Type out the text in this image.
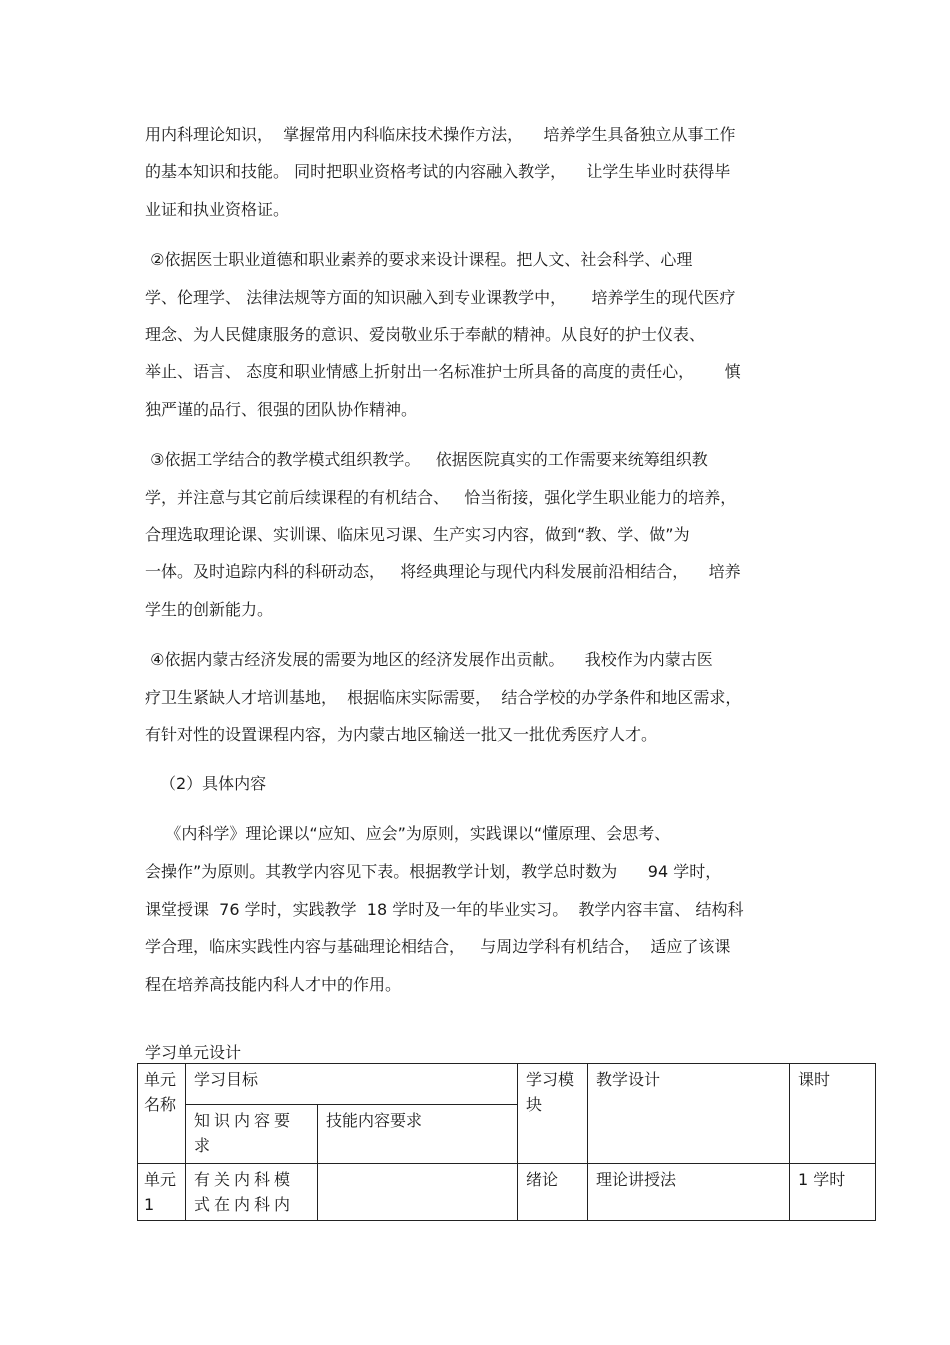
用内科理论知识，  掌握常用内科临床技术操作方法，    培养学生具备独立从事工作
的基本知识和技能。 同时把职业资格考试的内容融入教学，    让学生毕业时获得毕
业证和执业资格证。
②依据医士职业道德和职业素养的要求来设计课程。把人文、社会科学、心理
学、伦理学、 法律法规等方面的知识融入到专业课教学中，     培养学生的现代医疗
理念、为人民健康服务的意识、爱岗敬业乐于奉献的精神。从良好的护士仪表、
举止、语言、 态度和职业情感上折射出一名标准护士所具备的高度的责任心，      慎
独严谨的品行、很强的团队协作精神。
③依据工学结合的教学模式组织教学。   依据医院真实的工作需要来统筹组织教
学，并注意与其它前后续课程的有机结合、   恰当衔接，强化学生职业能力的培养，
合理选取理论课、实训课、临床见习课、生产实习内容，做到“教、学、做”为
一体。及时追踪内科的科研动态，   将经典理论与现代内科发展前沿相结合，    培养
学生的创新能力。
④依据内蒙古经济发展的需要为地区的经济发展作出贡献。    我校作为内蒙古医
疗卫生紧缺人才培训基地，  根据临床实际需要，  结合学校的办学条件和地区需求，
有针对性的设置课程内容，为内蒙古地区输送一批又一批优秀医疗人才。
（2）具体内容
《内科学》理论课以“应知、应会”为原则，实践课以“懂原理、会思考、
会操作”为原则。其教学内容见下表。根据教学计划，教学总时数为      94 学时，
课堂授课  76 学时，实践教学  18 学时及一年的毕业实习。  教学内容丰富、 结构科
学合理，临床实践性内容与基础理论相结合，   与周边学科有机结合，  适应了该课
程在培养高技能内科人才中的作用。
学习单元设计
单元名称	学习目标		学习模块	教学设计	课时
	知识内容要求	技能内容要求			
单元1	有关内科模式在内科内		绪论	理论讲授法	1 学时
